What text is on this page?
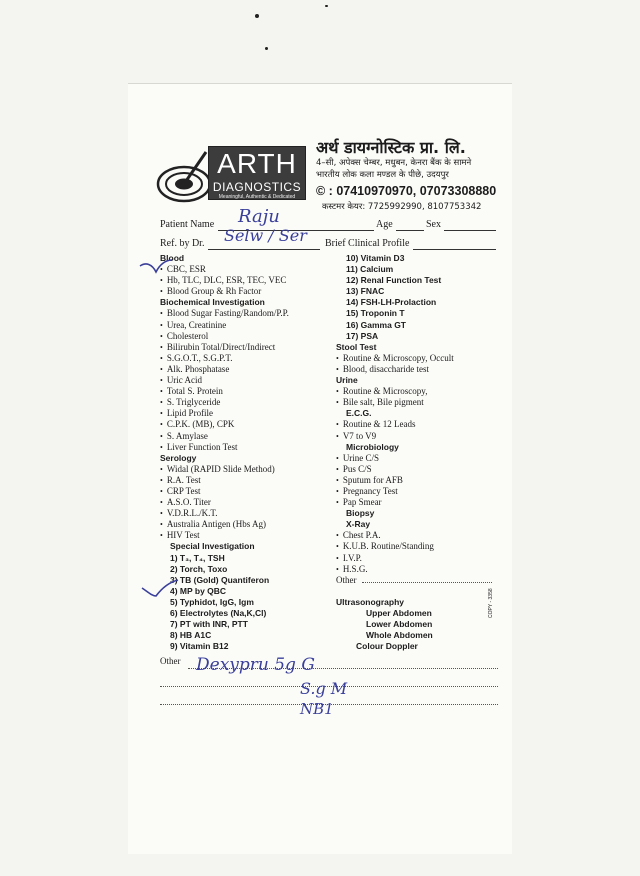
ARTH
DIAGNOSTICS
Meaningful, Authentic & Dedicated
अर्थ डायग्नोस्टिक प्रा. लि.
4–सी, अपेक्स चेम्बर, मधुबन, केनरा बैंक के सामने
भारतीय लोक कला मण्डल के पीछे, उदयपुर
© : 07410970970, 07073308880
कस्टमर केयर: 7725992990, 8107753342
Patient Name	Age	Sex
Ref. by Dr.	Brief Clinical Profile
Raju
Selw / Ser
Blood
• CBC, ESR
• Hb, TLC, DLC, ESR, TEC, VEC
• Blood Group & Rh Factor
Biochemical Investigation
• Blood Sugar Fasting/Random/P.P.
• Urea, Creatinine
• Cholesterol
• Bilirubin Total/Direct/Indirect
• S.G.O.T., S.G.P.T.
• Alk. Phosphatase
• Uric Acid
• Total S. Protein
• S. Triglyceride
• Lipid Profile
• C.P.K. (MB), CPK
• S. Amylase
• Liver Function Test
Serology
• Widal (RAPID Slide Method)
• R.A. Test
• CRP Test
• A.S.O. Titer
• V.D.R.L./K.T.
• Australia Antigen (Hbs Ag)
• HIV Test
Special Investigation
1) T₃, T₄, TSH
2) Torch, Toxo
3) TB (Gold) Quantiferon
4) MP by QBC
5) Typhidot, IgG, Igm
6) Electrolytes (Na,K,Cl)
7) PT with INR, PTT
8) HB A1C
9) Vitamin B12
10) Vitamin D3
11) Calcium
12) Renal Function Test
13) FNAC
14) FSH-LH-Prolaction
15) Troponin T
16) Gamma GT
17) PSA
Stool Test
• Routine & Microscopy, Occult
• Blood, disaccharide test
Urine
• Routine & Microscopy,
• Bile salt, Bile pigment
E.C.G.
• Routine & 12 Leads
• V7 to V9
Microbiology
• Urine C/S
• Pus C/S
• Sputum for AFB
• Pregnancy Test
• Pap Smear
Biopsy
X-Ray
• Chest P.A.
• K.U.B. Routine/Standing
• I.V.P.
• H.S.G.
Other
Ultrasonography
Upper Abdomen
Lower Abdomen
Whole Abdomen
Colour Doppler
Other Dexypru 5g G
S.g M
NB1
COPY - 3358
